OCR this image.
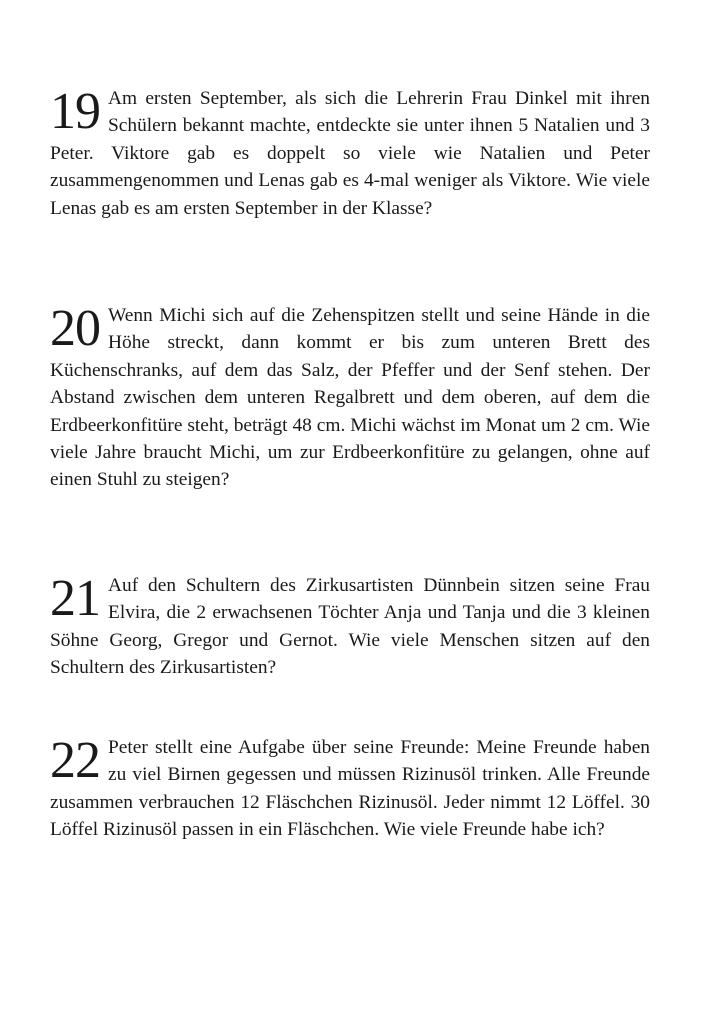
19 Am ersten September, als sich die Lehrerin Frau Dinkel mit ihren Schülern bekannt machte, entdeckte sie unter ihnen 5 Natalien und 3 Peter. Viktore gab es doppelt so viele wie Natalien und Peter zusammengenommen und Lenas gab es 4-mal weniger als Viktore. Wie viele Lenas gab es am ersten September in der Klasse?
20 Wenn Michi sich auf die Zehenspitzen stellt und seine Hände in die Höhe streckt, dann kommt er bis zum unteren Brett des Küchenschranks, auf dem das Salz, der Pfeffer und der Senf stehen. Der Abstand zwischen dem unteren Regalbrett und dem oberen, auf dem die Erdbeerkonfitüre steht, beträgt 48 cm. Michi wächst im Monat um 2 cm. Wie viele Jahre braucht Michi, um zur Erdbeerkonfitüre zu gelangen, ohne auf einen Stuhl zu steigen?
21 Auf den Schultern des Zirkusartisten Dünnbein sitzen seine Frau Elvira, die 2 erwachsenen Töchter Anja und Tanja und die 3 kleinen Söhne Georg, Gregor und Gernot. Wie viele Menschen sitzen auf den Schultern des Zirkusartisten?
22 Peter stellt eine Aufgabe über seine Freunde: Meine Freunde haben zu viel Birnen gegessen und müssen Rizinusöl trinken. Alle Freunde zusammen verbrauchen 12 Fläschchen Rizinusöl. Jeder nimmt 12 Löffel. 30 Löffel Rizinusöl passen in ein Fläschchen. Wie viele Freunde habe ich?
